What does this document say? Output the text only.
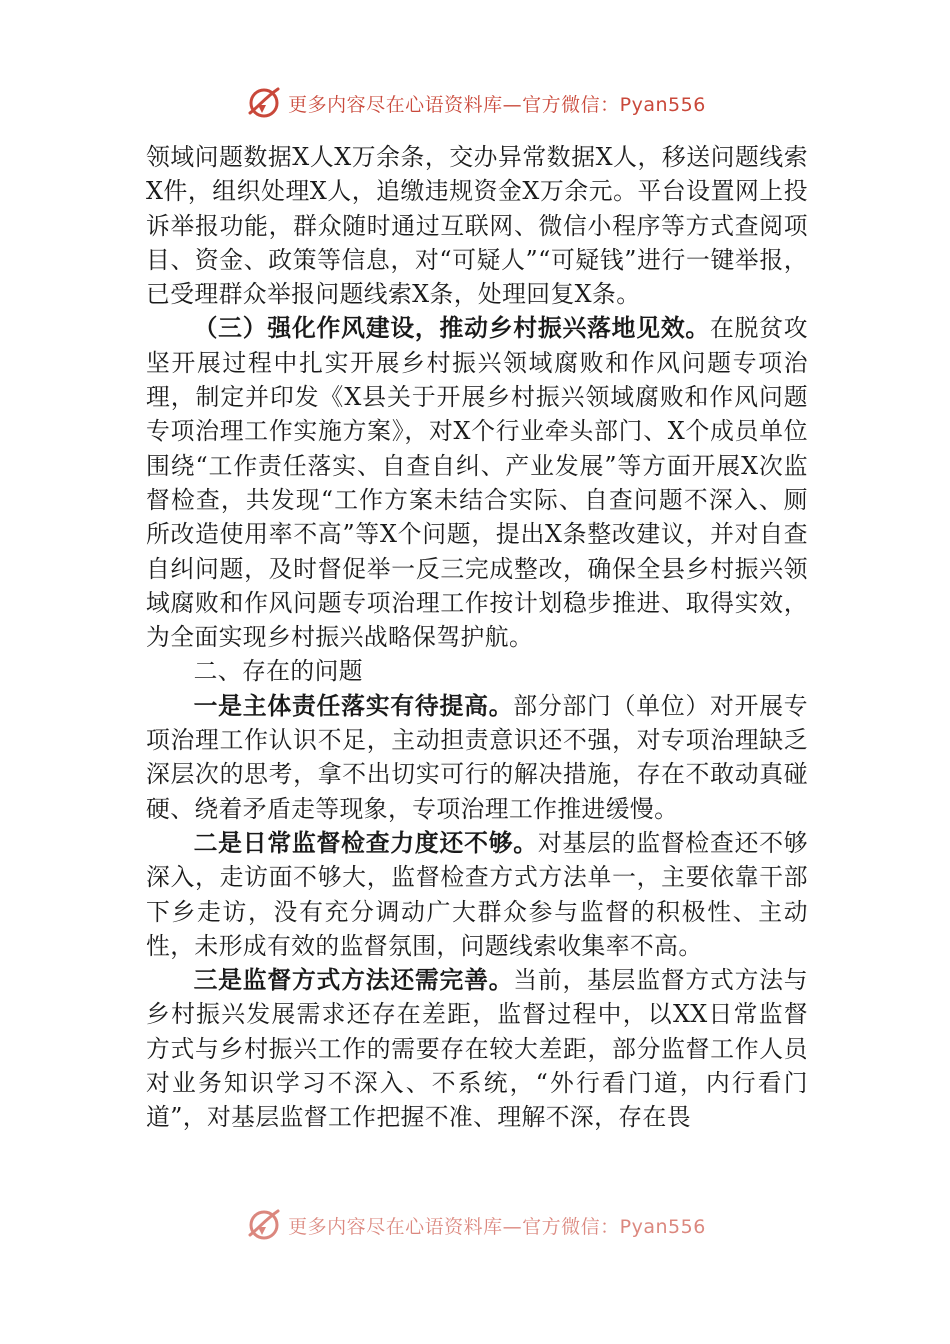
更多内容尽在心语资料库—官方微信：Pyan556

领域问题数据X人X万余条，交办异常数据X人，移送问题线索X件，组织处理X人，追缴违规资金X万余元。平台设置网上投诉举报功能，群众随时通过互联网、微信小程序等方式查阅项目、资金、政策等信息，对“可疑人”“可疑钱”进行一键举报，已受理群众举报问题线索X条，处理回复X条。

（三）强化作风建设，推动乡村振兴落地见效。在脱贫攻坚开展过程中扎实开展乡村振兴领域腐败和作风问题专项治理，制定并印发《X县关于开展乡村振兴领域腐败和作风问题专项治理工作实施方案》，对X个行业牵头部门、X个成员单位围绕“工作责任落实、自查自纠、产业发展”等方面开展X次监督检查，共发现“工作方案未结合实际、自查问题不深入、厕所改造使用率不高”等X个问题，提出X条整改建议，并对自查自纠问题，及时督促举一反三完成整改，确保全县乡村振兴领域腐败和作风问题专项治理工作按计划稳步推进、取得实效，为全面实现乡村振兴战略保驾护航。

二、存在的问题

一是主体责任落实有待提高。部分部门（单位）对开展专项治理工作认识不足，主动担责意识还不强，对专项治理缺乏深层次的思考，拿不出切实可行的解决措施，存在不敢动真碰硬、绕着矛盾走等现象，专项治理工作推进缓慢。

二是日常监督检查力度还不够。对基层的监督检查还不够深入，走访面不够大，监督检查方式方法单一，主要依靠干部下乡走访，没有充分调动广大群众参与监督的积极性、主动性，未形成有效的监督氛围，问题线索收集率不高。

三是监督方式方法还需完善。当前，基层监督方式方法与乡村振兴发展需求还存在差距，监督过程中，以XX日常监督方式与乡村振兴工作的需要存在较大差距，部分监督工作人员对业务知识学习不深入、不系统，“外行看门道，内行看门道”，对基层监督工作把握不准、理解不深，存在畏

更多内容尽在心语资料库—官方微信：Pyan556
